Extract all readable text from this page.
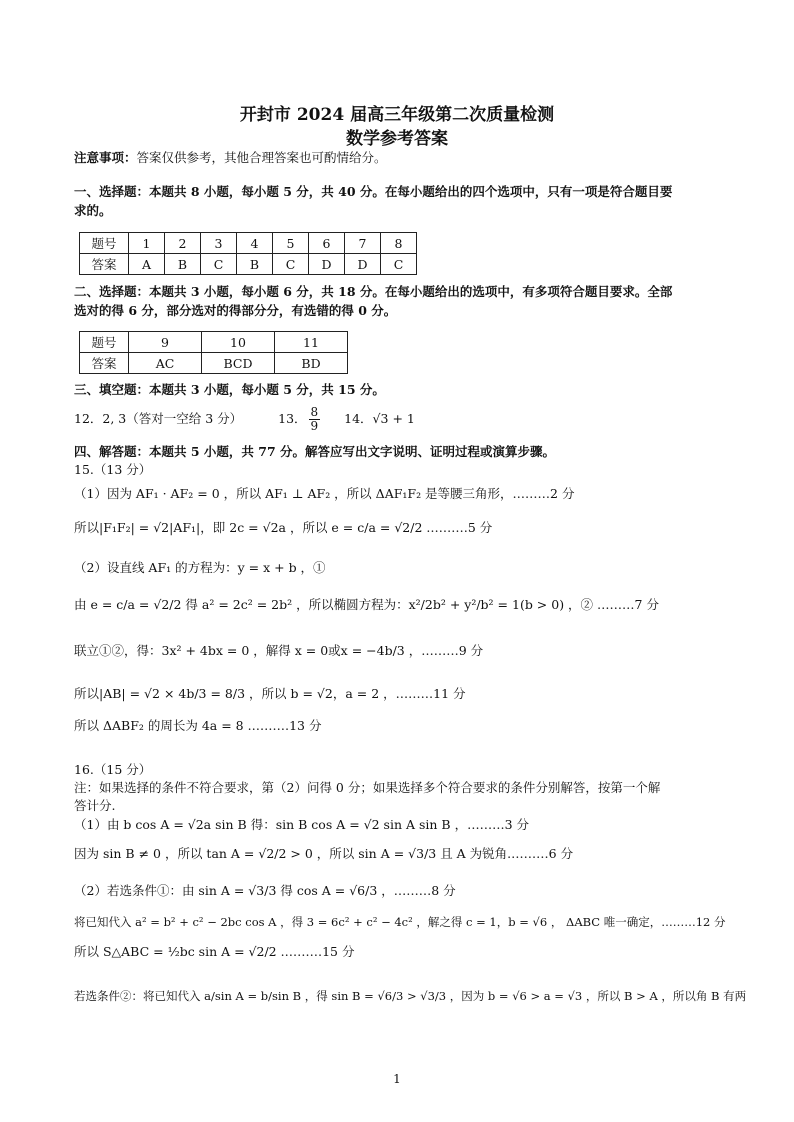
开封市 2024 届高三年级第二次质量检测
数学参考答案
注意事项：答案仅供参考，其他合理答案也可酌情给分。
一、选择题：本题共 8 小题，每小题 5 分，共 40 分。在每小题给出的四个选项中，只有一项是符合题目要
求的。
题号	1	2	3	4	5	6	7	8
答案	A	B	C	B	C	D	D	C
二、选择题：本题共 3 小题，每小题 6 分，共 18 分。在每小题给出的选项中，有多项符合题目要求。全部
选对的得 6 分，部分选对的得部分分，有选错的得 0 分。
题号	9	10	11
答案	AC	BCD	BD
三、填空题：本题共 3 小题，每小题 5 分，共 15 分。
12．2, 3（答对一空给 3 分）	13． $\frac{8}{9} 14$．√3 + 1
四、解答题：本题共 5 小题，共 77 分。解答应写出文字说明、证明过程或演算步骤。
15.（13 分）
（1）因为 AF₁ · AF₂ = 0 ，所以 AF₁ ⊥ AF₂ ，所以 ΔAF₁F₂ 是等腰三角形，………2 分
所以|F₁F₂| = √2|AF₁|，即 2c = √2a ，所以 e = c/a = √2/2 .………5 分
（2）设直线 AF₁ 的方程为：y = x + b ，①
由 e = c/a = √2/2 得 a² = 2c² = 2b² ，所以椭圆方程为：x²/2b² + y²/b² = 1(b > 0) ，② ………7 分
联立①②，得：3x² + 4bx = 0 ，解得 x = 0或x = −4b/3 ，………9 分
所以|AB| = √2 × 4b/3 = 8/3 ，所以 b = √2，a = 2 ，………11 分
所以 ΔABF₂ 的周长为 4a = 8 .………13 分
16.（15 分）
注：如果选择的条件不符合要求，第（2）问得 0 分；如果选择多个符合要求的条件分别解答，按第一个解
答计分.
（1）由 b cos A = √2a sin B 得：sin B cos A = √2 sin A sin B ，………3 分
因为 sin B ≠ 0 ，所以 tan A = √2/2 > 0 ，所以 sin A = √3/3 且 A 为锐角.………6 分
（2）若选条件①：由 sin A = √3/3 得 cos A = √6/3 ，………8 分
将已知代入 a² = b² + c² − 2bc cos A ，得 3 = 6c² + c² − 4c² ，解之得 c = 1，b = √6 ， ΔABC 唯一确定，………12 分
所以 S△ABC = ½bc sin A = √2/2 .………15 分
若选条件②：将已知代入 a/sin A = b/sin B ，得 sin B = √6/3 > √3/3 ，因为 b = √6 > a = √3 ，所以 B > A ，所以角 B 有两
1
